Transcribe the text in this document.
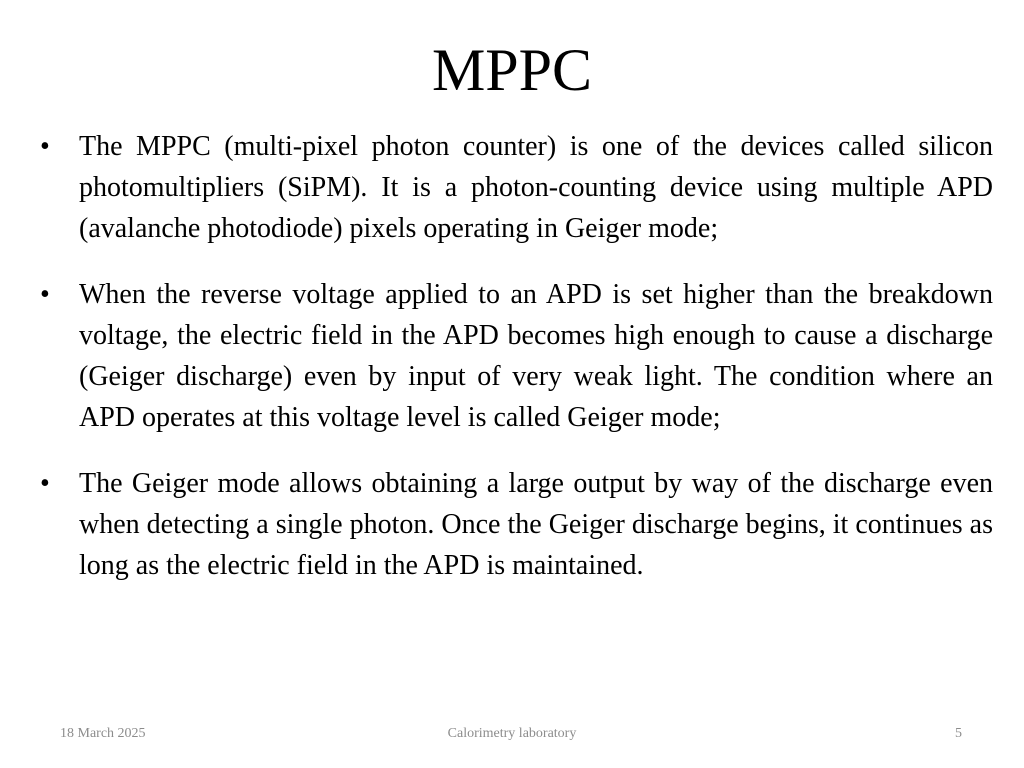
MPPC
• The MPPC (multi-pixel photon counter) is one of the devices called silicon photomultipliers (SiPM). It is a photon-counting device using multiple APD (avalanche photodiode) pixels operating in Geiger mode;
• When the reverse voltage applied to an APD is set higher than the breakdown voltage, the electric field in the APD becomes high enough to cause a discharge (Geiger discharge) even by input of very weak light. The condition where an APD operates at this voltage level is called Geiger mode;
• The Geiger mode allows obtaining a large output by way of the discharge even when detecting a single photon. Once the Geiger discharge begins, it continues as long as the electric field in the APD is maintained.
18 March 2025	Calorimetry laboratory	5
